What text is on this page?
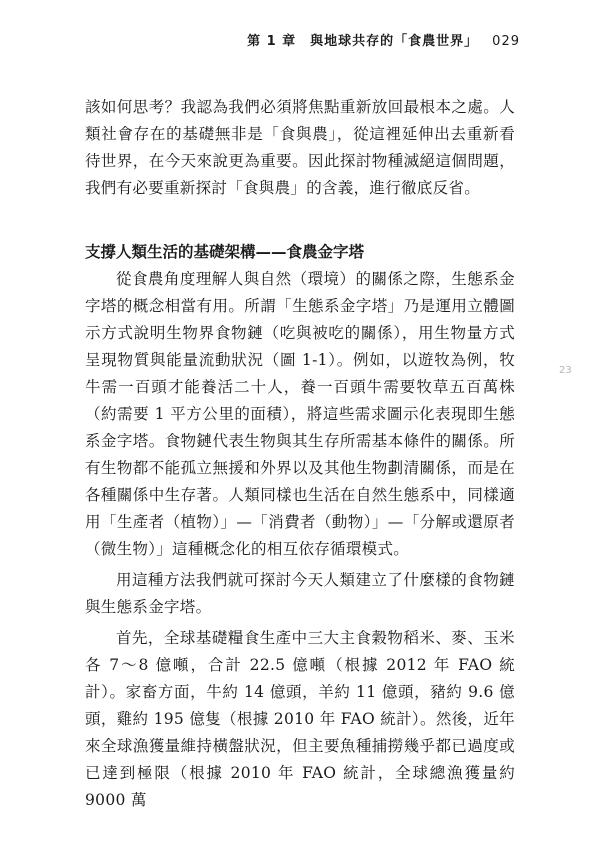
第 1 章　與地球共存的「食農世界」 029
23

該如何思考？我認為我們必須將焦點重新放回最根本之處。人類社會存在的基礎無非是「食與農」，從這裡延伸出去重新看待世界，在今天來說更為重要。因此探討物種滅絕這個問題，我們有必要重新探討「食與農」的含義，進行徹底反省。

支撐人類生活的基礎架構——食農金字塔

從食農角度理解人與自然（環境）的關係之際，生態系金字塔的概念相當有用。所謂「生態系金字塔」乃是運用立體圖示方式說明生物界食物鏈（吃與被吃的關係），用生物量方式呈現物質與能量流動狀況（圖 1-1）。例如，以遊牧為例，牧牛需一百頭才能養活二十人，養一百頭牛需要牧草五百萬株（約需要 1 平方公里的面積），將這些需求圖示化表現即生態系金字塔。食物鏈代表生物與其生存所需基本條件的關係。所有生物都不能孤立無援和外界以及其他生物劃清關係，而是在各種關係中生存著。人類同樣也生活在自然生態系中，同樣適用「生產者（植物）」—「消費者（動物）」—「分解或還原者（微生物）」這種概念化的相互依存循環模式。

用這種方法我們就可探討今天人類建立了什麼樣的食物鏈與生態系金字塔。

首先，全球基礎糧食生產中三大主食穀物稻米、麥、玉米各 7～8 億噸，合計 22.5 億噸（根據 2012 年 FAO 統計）。家畜方面，牛約 14 億頭，羊約 11 億頭，豬約 9.6 億頭，雞約 195 億隻（根據 2010 年 FAO 統計）。然後，近年來全球漁獲量維持橫盤狀況，但主要魚種捕撈幾乎都已過度或已達到極限（根據 2010 年 FAO 統計，全球總漁獲量約 9000 萬
